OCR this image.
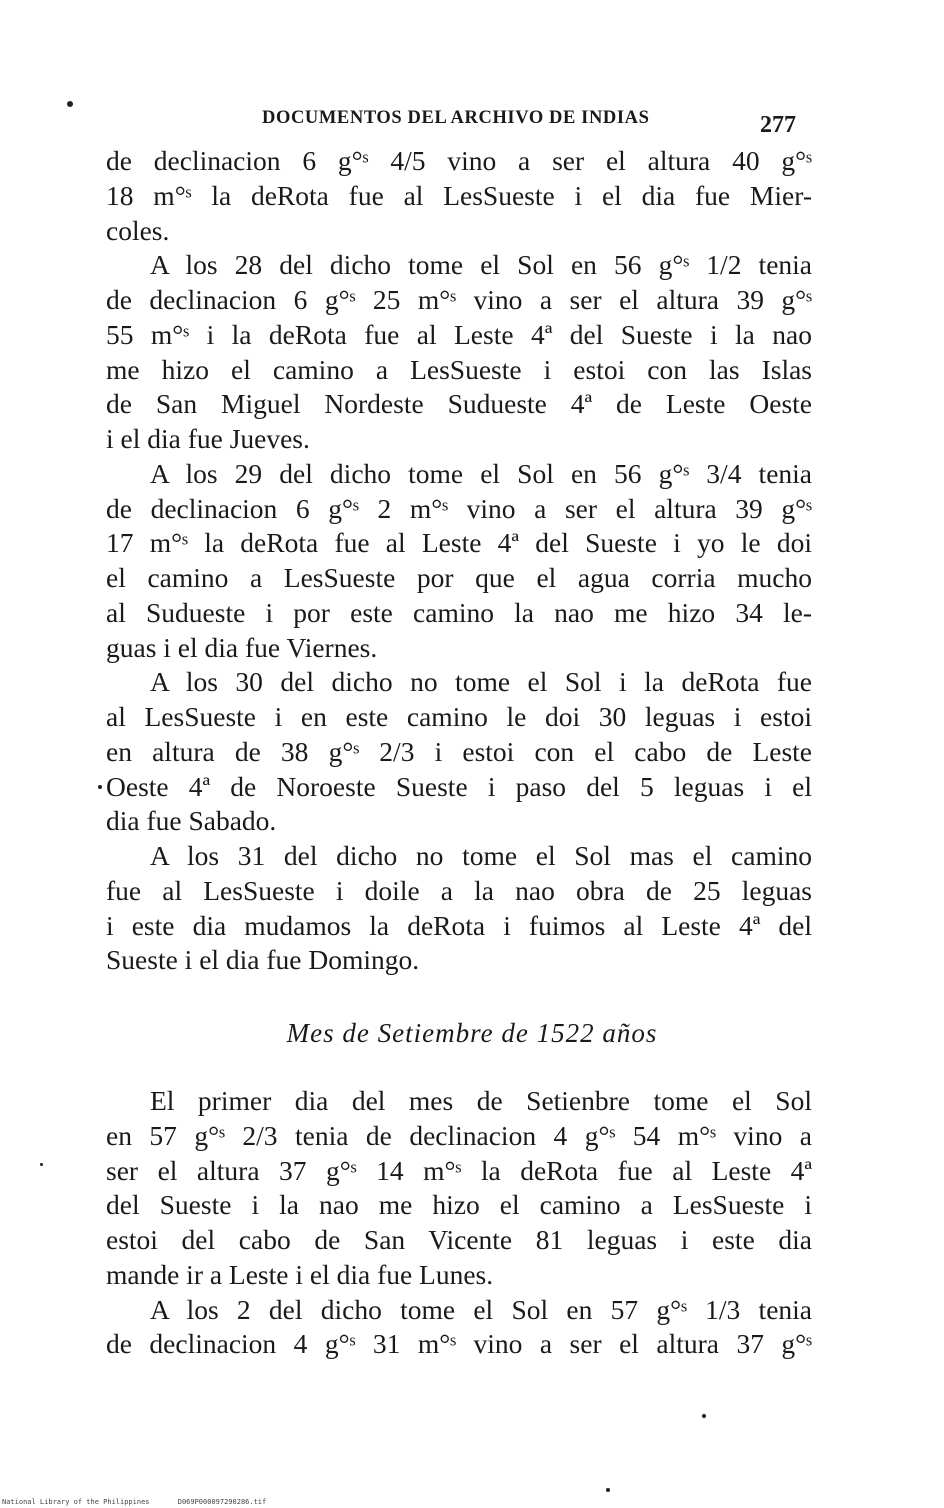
DOCUMENTOS DEL ARCHIVO DE INDIAS	277
de declinacion 6 g°ˢ 4/5 vino a ser el altura 40 g°ˢ
18 m°ˢ la deRota fue al LesSueste i el dia fue Mier-
coles.
A los 28 del dicho tome el Sol en 56 g°ˢ 1/2 tenia
de declinacion 6 g°ˢ 25 m°ˢ vino a ser el altura 39 g°ˢ
55 m°ˢ i la deRota fue al Leste 4ª del Sueste i la nao
me hizo el camino a LesSueste i estoi con las Islas
de San Miguel Nordeste Sudueste 4ª de Leste Oeste
i el dia fue Jueves.
A los 29 del dicho tome el Sol en 56 g°ˢ 3/4 tenia
de declinacion 6 g°ˢ 2 m°ˢ vino a ser el altura 39 g°ˢ
17 m°ˢ la deRota fue al Leste 4ª del Sueste i yo le doi
el camino a LesSueste por que el agua corria mucho
al Sudueste i por este camino la nao me hizo 34 le-
guas i el dia fue Viernes.
A los 30 del dicho no tome el Sol i la deRota fue
al LesSueste i en este camino le doi 30 leguas i estoi
en altura de 38 g°ˢ 2/3 i estoi con el cabo de Leste
Oeste 4ª de Noroeste Sueste i paso del 5 leguas i el
dia fue Sabado.
A los 31 del dicho no tome el Sol mas el camino
fue al LesSueste i doile a la nao obra de 25 leguas
i este dia mudamos la deRota i fuimos al Leste 4ª del
Sueste i el dia fue Domingo.
Mes de Setiembre de 1522 años
El primer dia del mes de Setienbre tome el Sol
en 57 g°ˢ 2/3 tenia de declinacion 4 g°ˢ 54 m°ˢ vino a
ser el altura 37 g°ˢ 14 m°ˢ la deRota fue al Leste 4ª
del Sueste i la nao me hizo el camino a LesSueste i
estoi del cabo de San Vicente 81 leguas i este dia
mande ir a Leste i el dia fue Lunes.
A los 2 del dicho tome el Sol en 57 g°ˢ 1/3 tenia
de declinacion 4 g°ˢ 31 m°ˢ vino a ser el altura 37 g°ˢ
National Library of the Philippines	D069P000097290286.tif
